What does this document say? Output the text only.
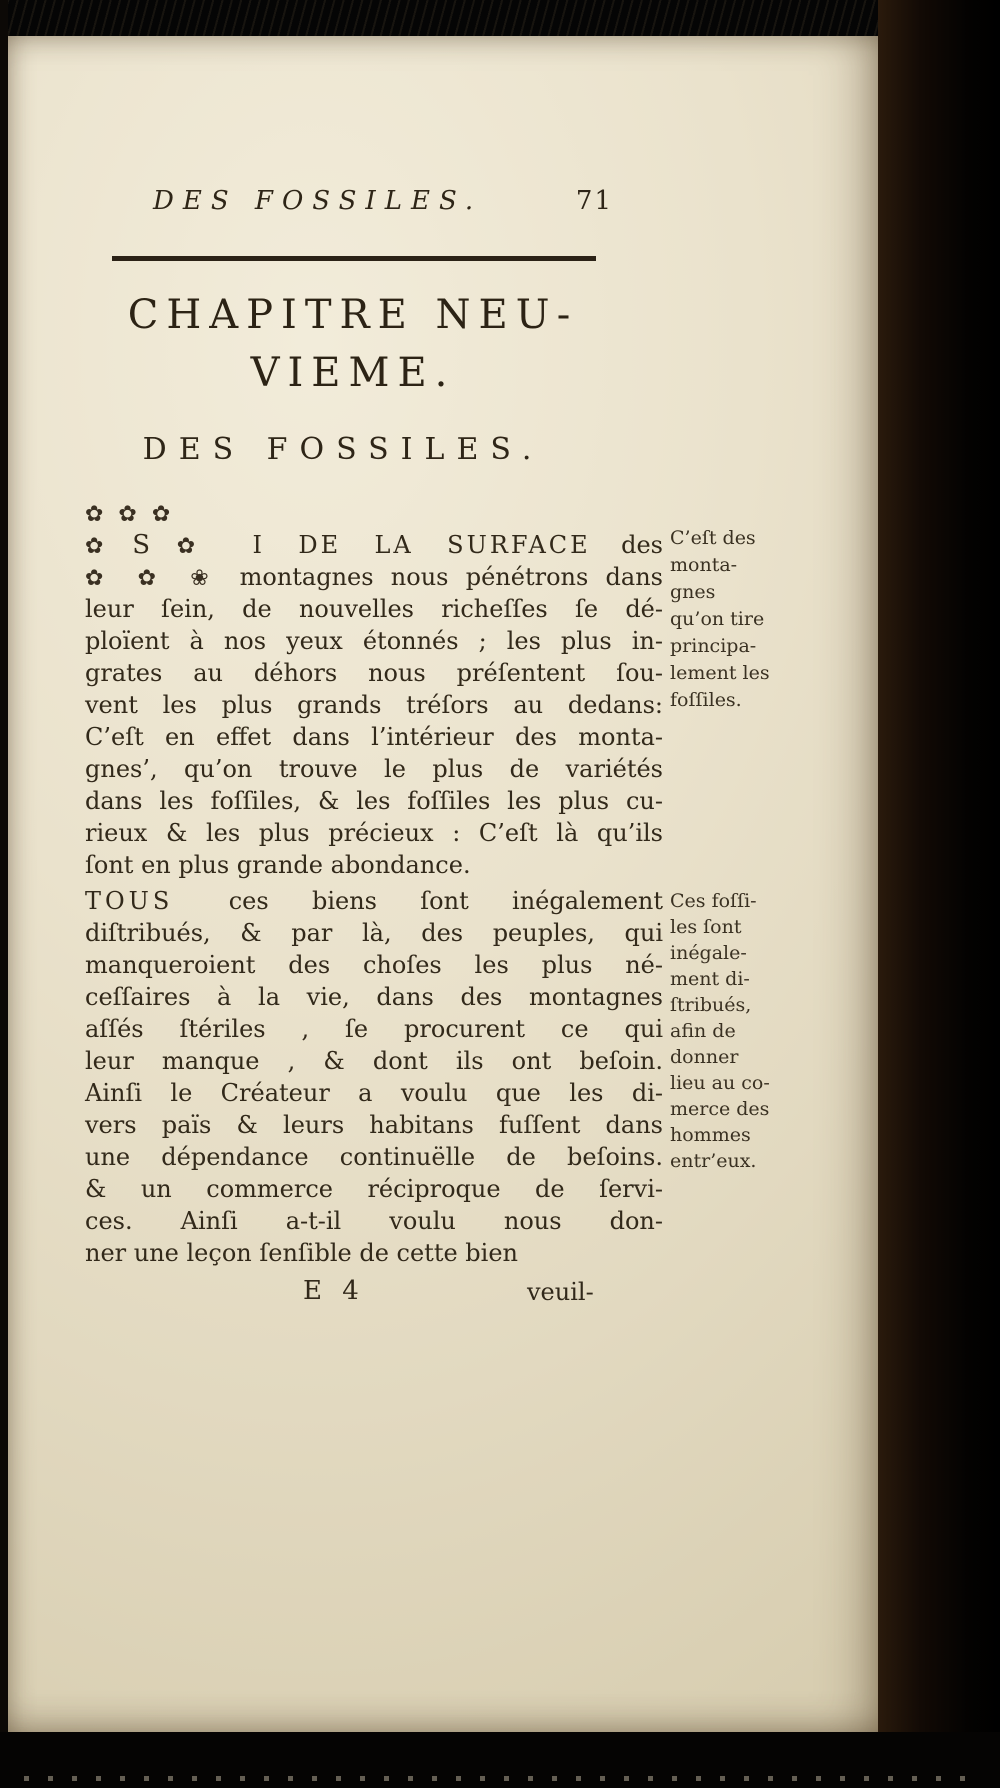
DES FOSSILES.	71
CHAPITRE NEU-
VIEME.
DES FOSSILES.
✿ ✿ ✿
✿S✿ I DE LA SURFACE des
✿ ✿ ❀ montagnes nous pénétrons dans
leur ſein, de nouvelles richeſſes ſe dé-
ploïent à nos yeux étonnés ; les plus in-
grates au déhors nous préſentent ſou-
vent les plus grands tréſors au dedans:
C’eſt en effet dans l’intérieur des monta-
gnes’, qu’on trouve le plus de variétés
dans les foſſiles, & les foſſiles les plus cu-
rieux & les plus précieux : C’eſt là qu’ils
ſont en plus grande abondance.
C’eſt des
monta-
gnes
qu’on tire
principa-
lement les
foſſiles.
TOUS ces biens ſont inégalement
diſtribués, & par là, des peuples, qui
manqueroient des choſes les plus né-
ceſſaires à la vie, dans des montagnes
aſſés ſtériles , ſe procurent ce qui
leur manque , & dont ils ont beſoin.
Ainſi le Créateur a voulu que les di-
vers païs & leurs habitans fuſſent dans
une dépendance continuëlle de beſoins.
& un commerce réciproque de ſervi-
ces. Ainſi a-t-il voulu nous don-
ner une leçon ſenſible de cette bien
Ces foſſi-
les ſont
inégale-
ment di-
ſtribués,
afin de
donner
lieu au co-
merce des
hommes
entr’eux.
E 4	veuil-
